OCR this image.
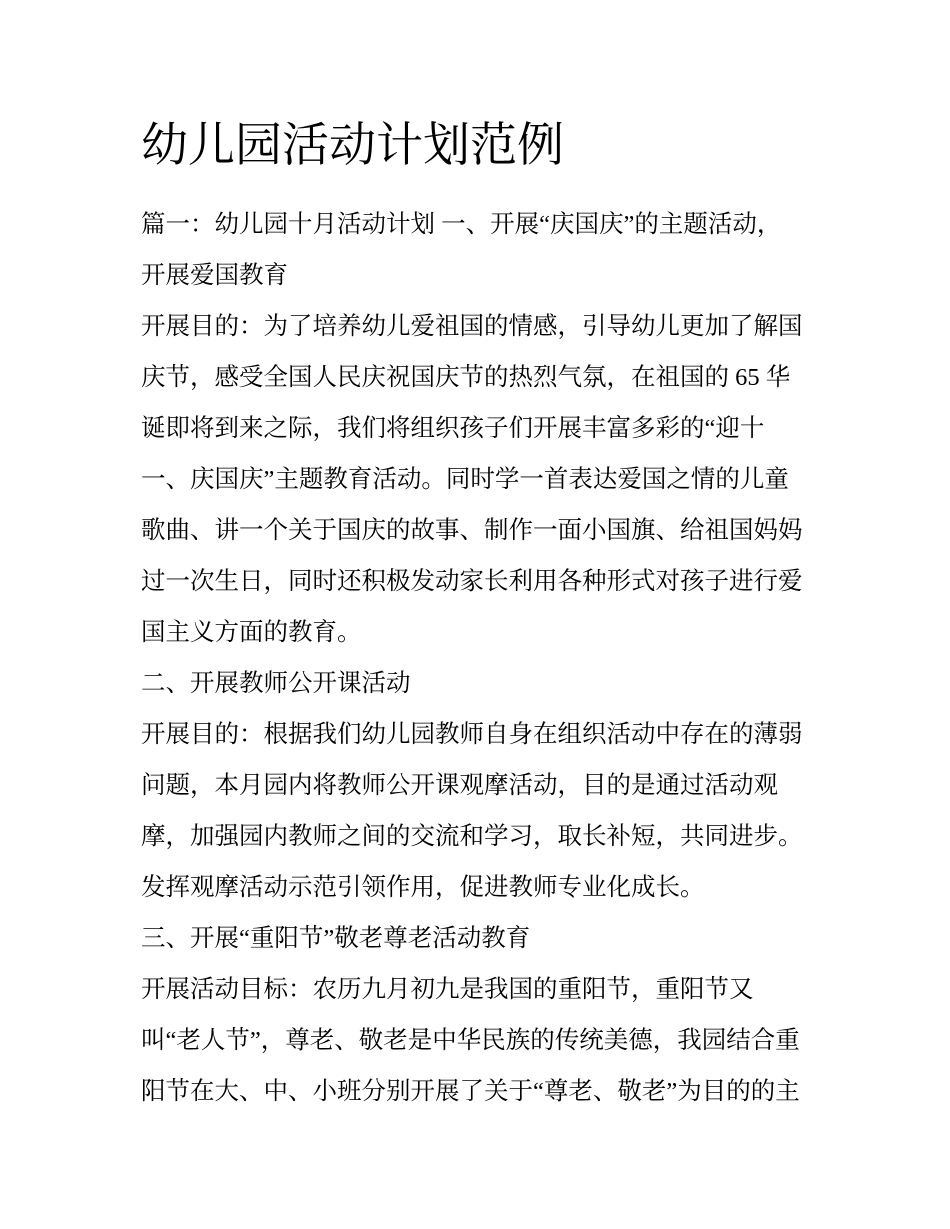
幼儿园活动计划范例
篇一：幼儿园十月活动计划 一、开展“庆国庆”的主题活动，
开展爱国教育
开展目的：为了培养幼儿爱祖国的情感，引导幼儿更加了解国
庆节，感受全国人民庆祝国庆节的热烈气氛，在祖国的 65 华
诞即将到来之际，我们将组织孩子们开展丰富多彩的“迎十
一、庆国庆”主题教育活动。同时学一首表达爱国之情的儿童
歌曲、讲一个关于国庆的故事、制作一面小国旗、给祖国妈妈
过一次生日，同时还积极发动家长利用各种形式对孩子进行爱
国主义方面的教育。
二、开展教师公开课活动
开展目的：根据我们幼儿园教师自身在组织活动中存在的薄弱
问题，本月园内将教师公开课观摩活动，目的是通过活动观
摩，加强园内教师之间的交流和学习，取长补短，共同进步。
发挥观摩活动示范引领作用，促进教师专业化成长。
三、开展“重阳节”敬老尊老活动教育
开展活动目标：农历九月初九是我国的重阳节，重阳节又
叫“老人节”，尊老、敬老是中华民族的传统美德，我园结合重
阳节在大、中、小班分别开展了关于“尊老、敬老”为目的的主
